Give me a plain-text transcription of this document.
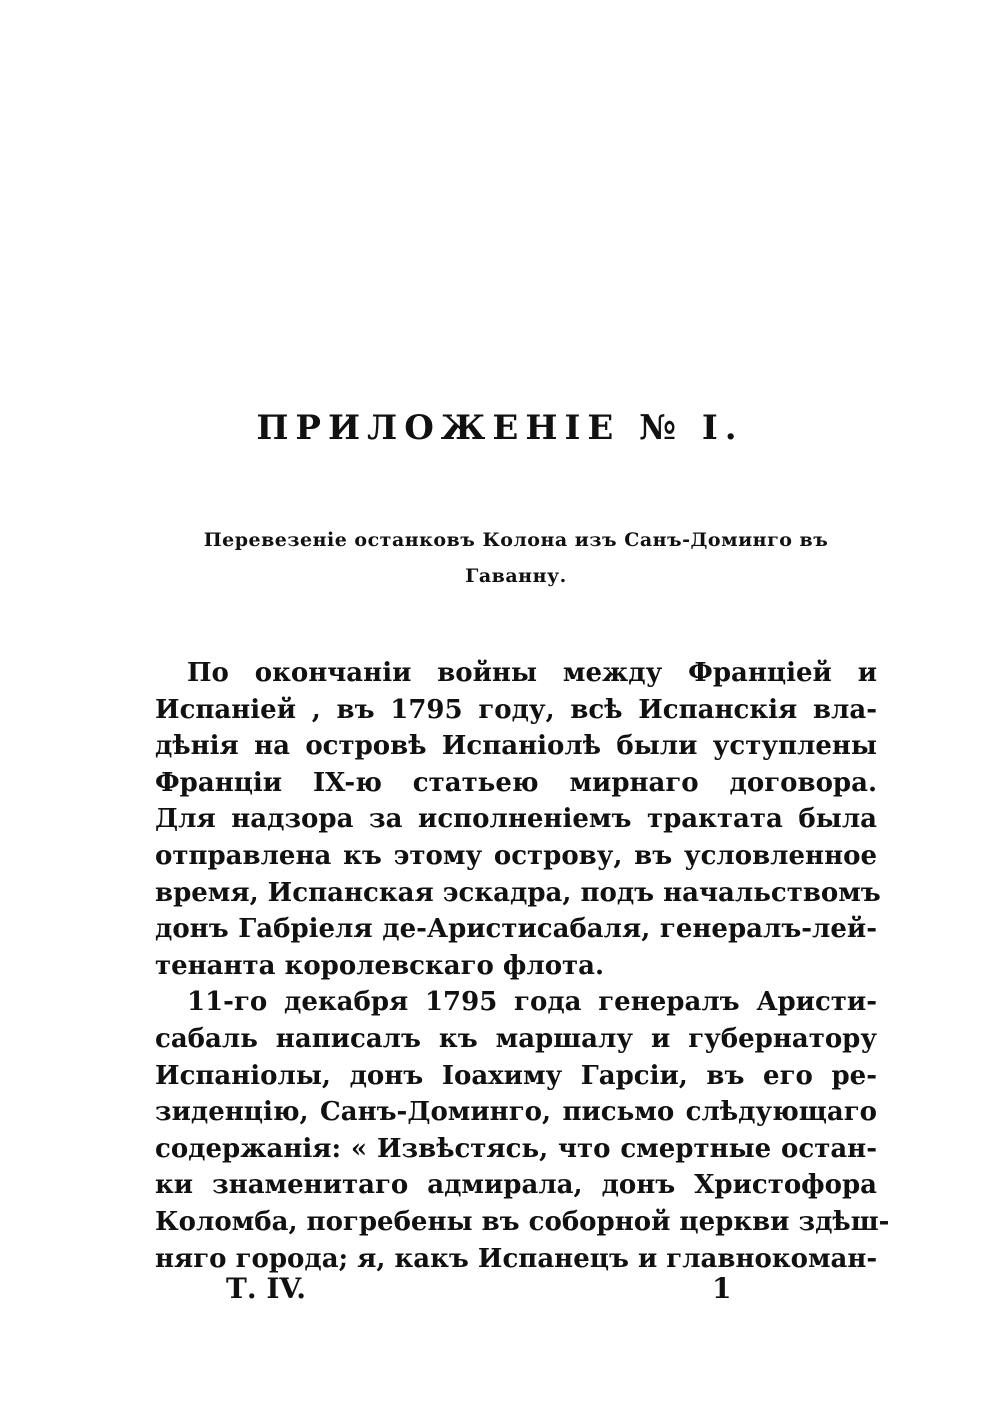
ПРИЛОЖЕНІЕ № I.
Перевезеніе останковъ Колона изъ Санъ-Доминго въ
Гаванну.
По окончаніи войны между Франціей и
Испаніей , въ 1795 году, всѣ Испанскія вла-
дѣнія на островѣ Испаніолѣ были уступлены
Франціи IX-ю статьею мирнаго договора.
Для надзора за исполненіемъ трактата была
отправлена къ этому острову, въ условленное
время, Испанская эскадра, подъ начальствомъ
донъ Габріеля де-Аристисабаля, генералъ-лей-
тенанта королевскаго флота.
11-го декабря 1795 года генералъ Аристи-
сабаль написалъ къ маршалу и губернатору
Испаніолы, донъ Іоахиму Гарсіи, въ его ре-
зиденцію, Санъ-Доминго, письмо слѣдующаго
содержанія: « Извѣстясь, что смертные остан-
ки знаменитаго адмирала, донъ Христофора
Коломба, погребены въ соборной церкви здѣш-
няго города; я, какъ Испанецъ и главнокоман-
Т. IV.	1
